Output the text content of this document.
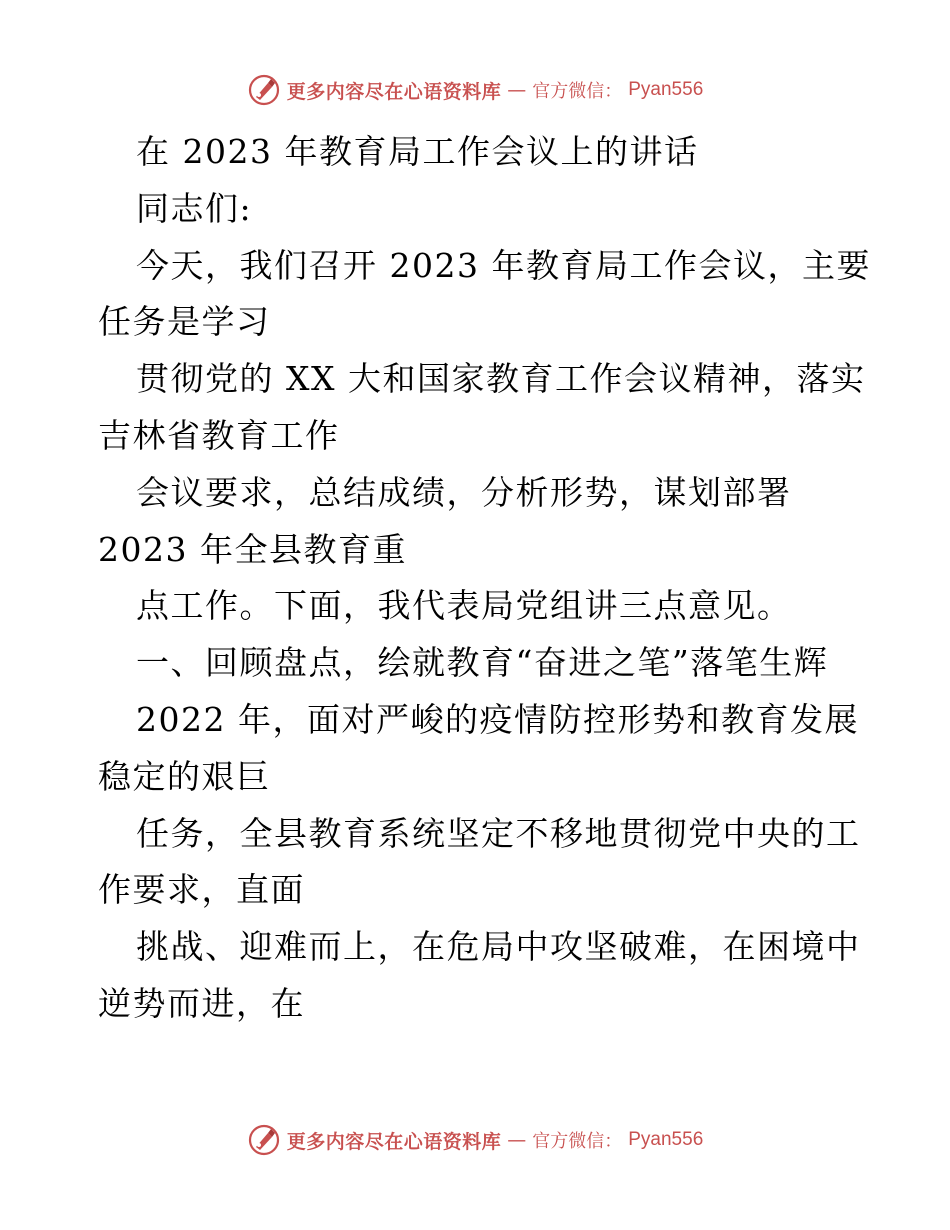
更多内容尽在心语资料库 — 官方微信： Pyan556

在 2023 年教育局工作会议上的讲话

同志们:

今天，我们召开 2023 年教育局工作会议，主要

任务是学习

贯彻党的 XX 大和国家教育工作会议精神，落实

吉林省教育工作

会议要求，总结成绩，分析形势，谋划部署

2023 年全县教育重

点工作。下面，我代表局党组讲三点意见。

一、回顾盘点，绘就教育“奋进之笔”落笔生辉

2022 年，面对严峻的疫情防控形势和教育发展

稳定的艰巨

任务，全县教育系统坚定不移地贯彻党中央的工

作要求，直面

挑战、迎难而上，在危局中攻坚破难，在困境中

逆势而进，在

更多内容尽在心语资料库 — 官方微信： Pyan556
